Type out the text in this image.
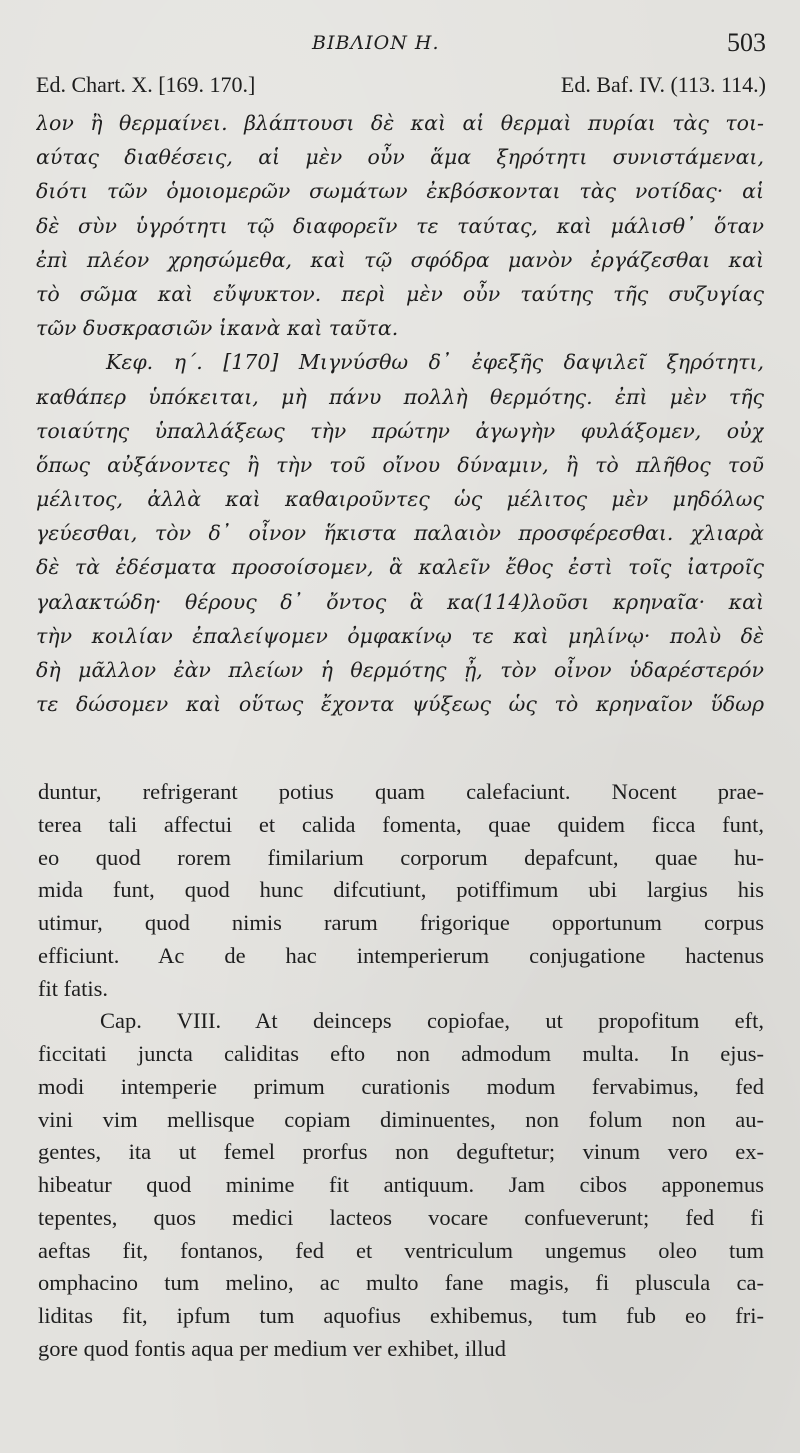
BIBΛIΟΝ Η.	503
Ed. Chart. X. [169. 170.]	Ed. Baf. IV. (113. 114.)
λον ἢ θερμαίνει. βλάπτουσι δὲ καὶ αἱ θερμαὶ πυρίαι τὰς τοι-
αύτας διαθέσεις, αἱ μὲν οὖν ἅμα ξηρότητι συνιστάμεναι,
διότι τῶν ὁμοιομερῶν σωμάτων ἐκβόσκονται τὰς νοτίδας· αἱ
δὲ σὺν ὑγρότητι τῷ διαφορεῖν τε ταύτας, καὶ μάλισθ᾽ ὅταν
ἐπὶ πλέον χρησώμεθα, καὶ τῷ σφόδρα μανὸν ἐργάζεσθαι καὶ
τὸ σῶμα καὶ εὔψυκτον. περὶ μὲν οὖν ταύτης τῆς συζυγίας
τῶν δυσκρασιῶν ἱκανὰ καὶ ταῦτα.
Κεφ. η΄. [170] Μιγνύσθω δ᾽ ἐφεξῆς δαψιλεῖ ξηρότητι,
καθάπερ ὑπόκειται, μὴ πάνυ πολλὴ θερμότης. ἐπὶ μὲν τῆς
τοιαύτης ὑπαλλάξεως τὴν πρώτην ἀγωγὴν φυλάξομεν, οὐχ
ὅπως αὐξάνοντες ἢ τὴν τοῦ οἴνου δύναμιν, ἢ τὸ πλῆθος τοῦ
μέλιτος, ἀλλὰ καὶ καθαιροῦντες ὡς μέλιτος μὲν μηδόλως
γεύεσθαι, τὸν δ᾽ οἶνον ἥκιστα παλαιὸν προσφέρεσθαι. χλιαρὰ
δὲ τὰ ἐδέσματα προσοίσομεν, ἃ καλεῖν ἔθος ἐστὶ τοῖς ἰατροῖς
γαλακτώδη· θέρους δ᾽ ὄντος ἃ κα(114)λοῦσι κρηναῖα· καὶ
τὴν κοιλίαν ἐπαλείψομεν ὀμφακίνῳ τε καὶ μηλίνῳ· πολὺ δὲ
δὴ μᾶλλον ἐὰν πλείων ἡ θερμότης ᾖ, τὸν οἶνον ὑδαρέστερόν
τε δώσομεν καὶ οὕτως ἔχοντα ψύξεως ὡς τὸ κρηναῖον ὕδωρ
duntur, refrigerant potius quam calefaciunt. Nocent prae-
terea tali affectui et calida fomenta, quae quidem ficca funt,
eo quod rorem fimilarium corporum depafcunt, quae hu-
mida funt, quod hunc difcutiunt, potiffimum ubi largius his
utimur, quod nimis rarum frigorique opportunum corpus
efficiunt. Ac de hac intemperierum conjugatione hactenus
fit fatis.
Cap. VIII. At deinceps copiofae, ut propofitum eft,
ficcitati juncta caliditas efto non admodum multa. In ejus-
modi intemperie primum curationis modum fervabimus, fed
vini vim mellisque copiam diminuentes, non folum non au-
gentes, ita ut femel prorfus non deguftetur; vinum vero ex-
hibeatur quod minime fit antiquum. Jam cibos apponemus
tepentes, quos medici lacteos vocare confueverunt; fed fi
aeftas fit, fontanos, fed et ventriculum ungemus oleo tum
omphacino tum melino, ac multo fane magis, fi pluscula ca-
liditas fit, ipfum tum aquofius exhibemus, tum fub eo fri-
gore quod fontis aqua per medium ver exhibet, illud
